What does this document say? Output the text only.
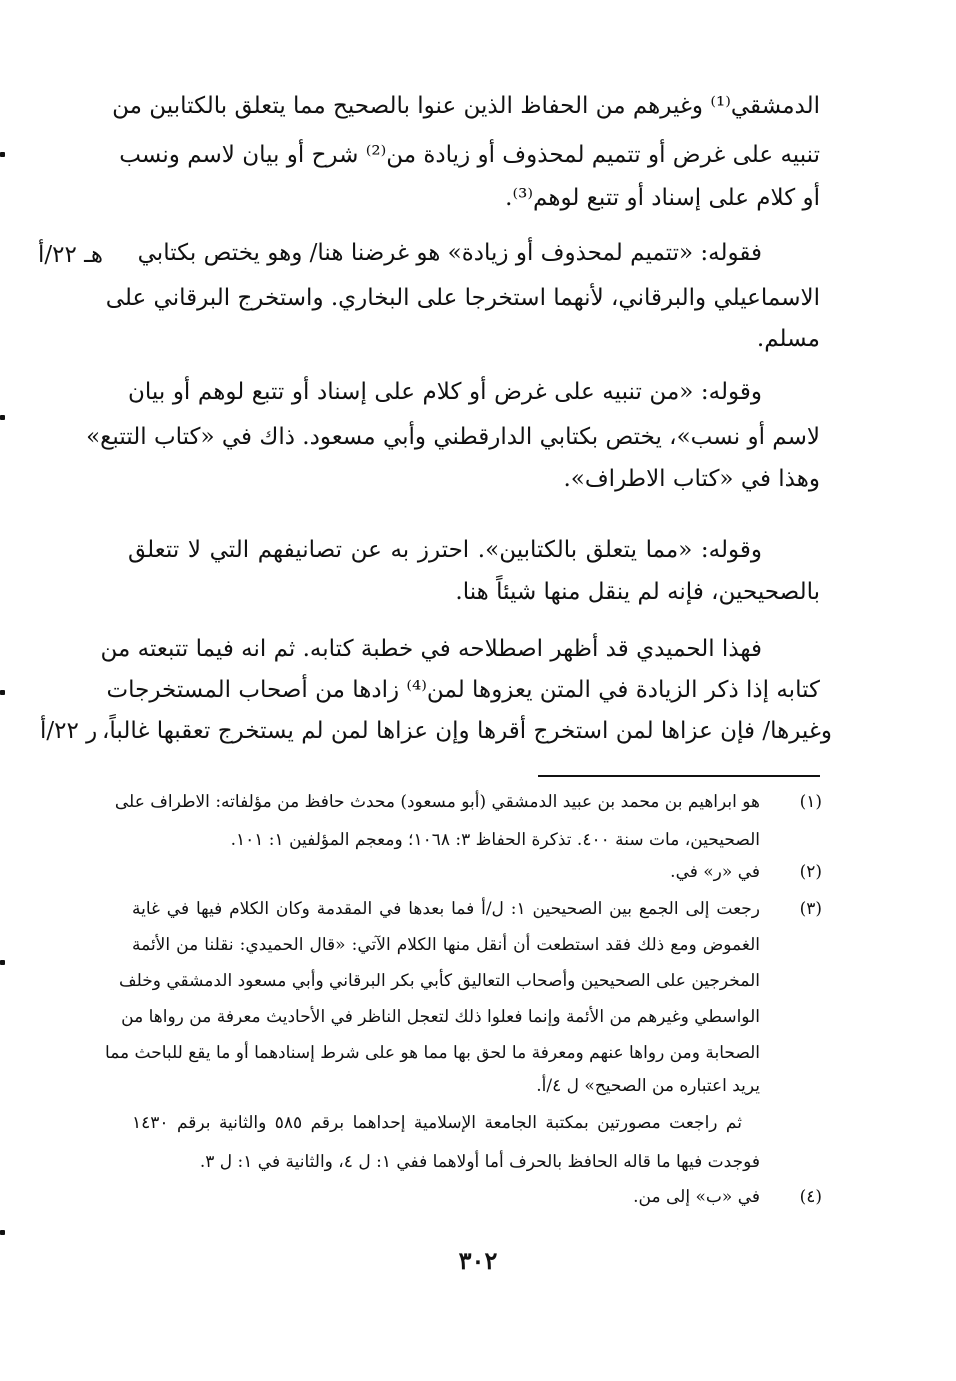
الدمشقي⁽¹⁾ وغيرهم من الحفاظ الذين عنوا بالصحيح مما يتعلق بالكتابين من
تنبيه على غرض أو تتميم لمحذوف أو زيادة من⁽²⁾ شرح أو بيان لاسم ونسب
أو كلام على إسناد أو تتبع لوهم⁽³⁾.
هـ ٢٢/أ فقوله: «تتميم لمحذوف أو زيادة» هو غرضنا هنا/ وهو يختص بكتابي
الاسماعيلي والبرقاني، لأنهما استخرجا على البخاري. واستخرج البرقاني على
مسلم.
وقوله: «من تنبيه على غرض أو كلام على إسناد أو تتبع لوهم أو بيان
لاسم أو نسب»، يختص بكتابي الدارقطني وأبي مسعود. ذاك في «كتاب التتبع»
وهذا في «كتاب الاطراف».
وقوله: «مما يتعلق بالكتابين». احترز به عن تصانيفهم التي لا تتعلق
بالصحيحين، فإنه لم ينقل منها شيئاً هنا.
ر ٢٢/أ
فهذا الحميدي قد أظهر اصطلاحه في خطبة كتابه. ثم انه فيما تتبعته من
كتابه إذا ذكر الزيادة في المتن يعزوها لمن⁽⁴⁾ زادها من أصحاب المستخرجات
وغيرها/ فإن عزاها لمن استخرج أقرها وإن عزاها لمن لم يستخرج تعقبها غالباً،
(١)
هو ابراهيم بن محمد بن عبيد الدمشقي (أبو مسعود) محدث حافظ من مؤلفاته: الاطراف على
الصحيحين، مات سنة ٤٠٠. تذكرة الحفاظ ٣: ١٠٦٨؛ ومعجم المؤلفين ١: ١٠١.
(٢)
في «ر» في.
(٣)
رجعت إلى الجمع بين الصحيحين ١: ل/أ فما بعدها في المقدمة وكان الكلام فيها في غاية
الغموض ومع ذلك فقد استطعت أن أنقل منها الكلام الآتي: «قال الحميدي: نقلنا من الأئمة
المخرجين على الصحيحين وأصحاب التعاليق كأبي بكر البرقاني وأبي مسعود الدمشقي وخلف
الواسطي وغيرهم من الأئمة وإنما فعلوا ذلك لتعجل الناظر في الأحاديث معرفة من رواها من
الصحابة ومن رواها عنهم ومعرفة ما لحق بها مما هو على شرط إسنادهما أو ما يقع للباحث مما
يريد اعتباره من الصحيح» ل ٤/أ.
ثم راجعت مصورتين بمكتبة الجامعة الإسلامية إحداهما برقم ٥٨٥ والثانية برقم ١٤٣٠
فوجدت فيها ما قاله الحافظ بالحرف أما أولاهما ففي ١: ل ٤، والثانية في ١: ل ٣.
(٤)
في «ب» إلى من.
٣٠٢
